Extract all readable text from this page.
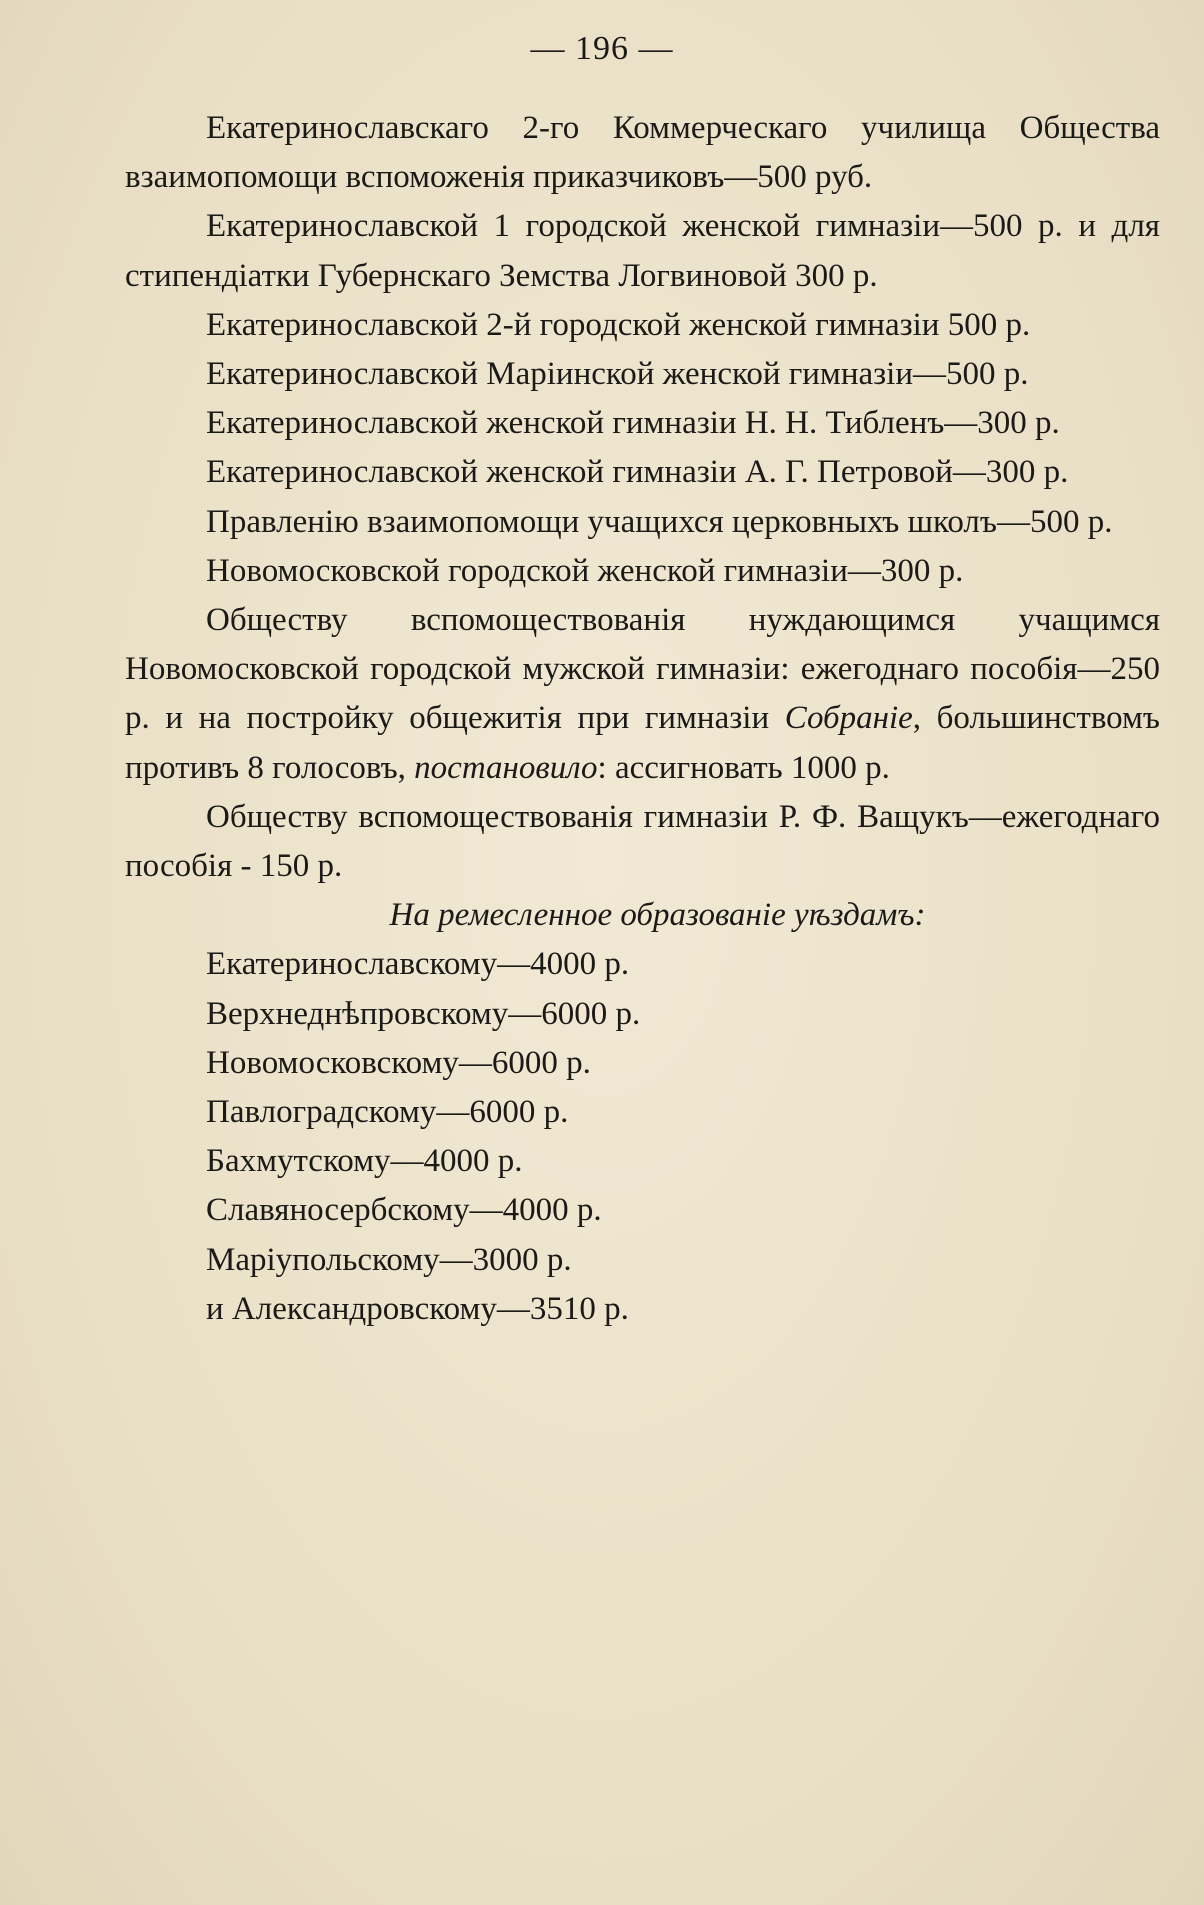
— 196 —

Екатеринославскаго 2-го Коммерческаго училища Общества взаимопомощи вспоможенія приказчиковъ—500 руб.

Екатеринославской 1 городской женской гимназіи—500 р. и для стипендіатки Губернскаго Земства Логвиновой 300 р.

Екатеринославской 2-й городской женской гимназіи 500 р.

Екатеринославской Маріинской женской гимназіи—500 р.

Екатеринославской женской гимназіи Н. Н. Тибленъ—300 р.

Екатеринославской женской гимназіи А. Г. Петровой—300 р.

Правленію взаимопомощи учащихся церковныхъ школъ—500 р.

Новомосковской городской женской гимназіи—300 р.

Обществу вспомоществованія нуждающимся учащимся Новомосковской городской мужской гимназіи: ежегоднаго пособія—250 р. и на постройку общежитія при гимназіи Собраніе, большинствомъ противъ 8 голосовъ, постановило: ассигновать 1000 р.

Обществу вспомоществованія гимназіи Р. Ф. Ващукъ—ежегоднаго пособія - 150 р.

На ремесленное образованіе уѣздамъ:

Екатеринославскому—4000 р.

Верхнеднѣпровскому—6000 р.

Новомосковскому—6000 р.

Павлоградскому—6000 р.

Бахмутскому—4000 р.

Славяносербскому—4000 р.

Маріупольскому—3000 р.

и Александровскому—3510 р.
